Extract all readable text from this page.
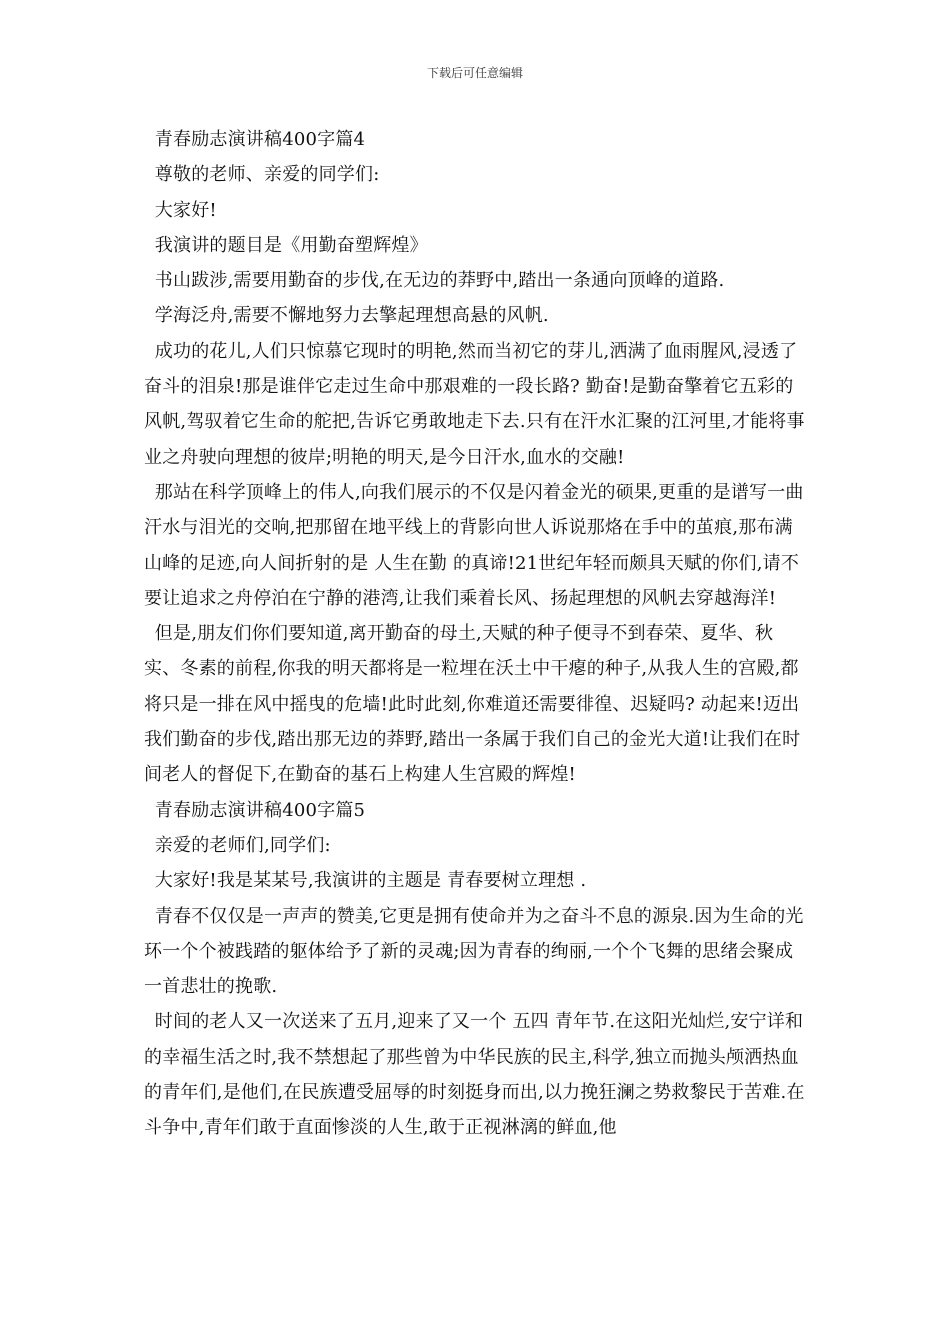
下载后可任意编辑

青春励志演讲稿400字篇4

尊敬的老师、亲爱的同学们:

大家好!

我演讲的题目是《用勤奋塑辉煌》

书山跋涉,需要用勤奋的步伐,在无边的莽野中,踏出一条通向顶峰的道路.

学海泛舟,需要不懈地努力去擎起理想高悬的风帆.

成功的花儿,人们只惊慕它现时的明艳,然而当初它的芽儿,洒满了血雨腥风,浸透了奋斗的泪泉!那是谁伴它走过生命中那艰难的一段长路? 勤奋!是勤奋擎着它五彩的风帆,驾驭着它生命的舵把,告诉它勇敢地走下去.只有在汗水汇聚的江河里,才能将事业之舟驶向理想的彼岸;明艳的明天,是今日汗水,血水的交融!

那站在科学顶峰上的伟人,向我们展示的不仅是闪着金光的硕果,更重的是谱写一曲汗水与泪光的交响,把那留在地平线上的背影向世人诉说那烙在手中的茧痕,那布满山峰的足迹,向人间折射的是 人生在勤 的真谛!21世纪年轻而颇具天赋的你们,请不要让追求之舟停泊在宁静的港湾,让我们乘着长风、扬起理想的风帆去穿越海洋!

但是,朋友们你们要知道,离开勤奋的母土,天赋的种子便寻不到春荣、夏华、秋实、冬素的前程,你我的明天都将是一粒埋在沃土中干瘪的种子,从我人生的宫殿,都将只是一排在风中摇曳的危墙!此时此刻,你难道还需要徘徨、迟疑吗? 动起来!迈出我们勤奋的步伐,踏出那无边的莽野,踏出一条属于我们自己的金光大道!让我们在时间老人的督促下,在勤奋的基石上构建人生宫殿的辉煌!

青春励志演讲稿400字篇5

亲爱的老师们,同学们:

大家好!我是某某号,我演讲的主题是 青春要树立理想 .

青春不仅仅是一声声的赞美,它更是拥有使命并为之奋斗不息的源泉.因为生命的光环一个个被践踏的躯体给予了新的灵魂;因为青春的绚丽,一个个飞舞的思绪会聚成一首悲壮的挽歌.

时间的老人又一次送来了五月,迎来了又一个 五四 青年节.在这阳光灿烂,安宁详和的幸福生活之时,我不禁想起了那些曾为中华民族的民主,科学,独立而抛头颅洒热血的青年们,是他们,在民族遭受屈辱的时刻挺身而出,以力挽狂澜之势救黎民于苦难.在斗争中,青年们敢于直面惨淡的人生,敢于正视淋漓的鲜血,他
